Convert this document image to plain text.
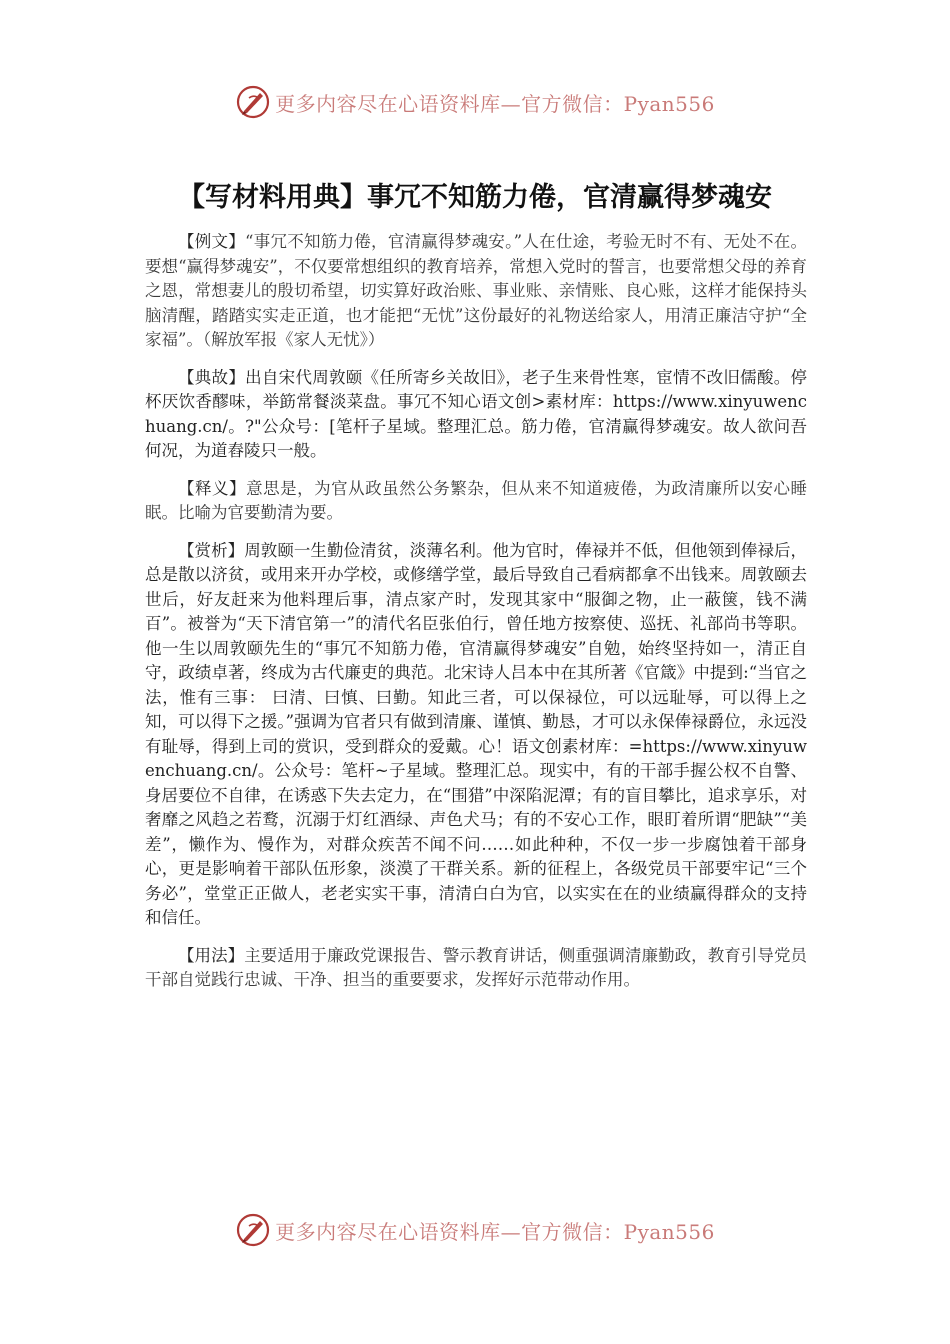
更多内容尽在心语资料库—官方微信：Pyan556
【写材料用典】事冗不知筋力倦，官清赢得梦魂安

【例文】“事冗不知筋力倦，官清赢得梦魂安。”人在仕途，考验无时不有、无处不在。要想“赢得梦魂安”，不仅要常想组织的教育培养，常想入党时的誓言，也要常想父母的养育之恩，常想妻儿的殷切希望，切实算好政治账、事业账、亲情账、良心账，这样才能保持头脑清醒，踏踏实实走正道，也才能把“无忧”这份最好的礼物送给家人，用清正廉洁守护“全家福”。（解放军报《家人无忧》）

【典故】出自宋代周敦颐《任所寄乡关故旧》，老子生来骨性寒，宦情不改旧儒酸。停杯厌饮香醪味，举筯常餐淡菜盘。事冗不知心语文创>素材库：https://www.xinyuwenchuang.cn/。?"公众号：[笔杆子星域。整理汇总。筋力倦，官清赢得梦魂安。故人欲问吾何况，为道舂陵只一般。

【释义】意思是，为官从政虽然公务繁杂，但从来不知道疲倦，为政清廉所以安心睡眠。比喻为官要勤清为要。

【赏析】周敦颐一生勤俭清贫，淡薄名利。他为官时，俸禄并不低，但他领到俸禄后，总是散以济贫，或用来开办学校，或修缮学堂，最后导致自己看病都拿不出钱来。周敦颐去世后，好友赶来为他料理后事，清点家产时，发现其家中“服御之物，止一蔽箧，钱不满百”。被誉为“天下清官第一”的清代名臣张伯行，曾任地方按察使、巡抚、礼部尚书等职。他一生以周敦颐先生的“事冗不知筋力倦，官清赢得梦魂安”自勉，始终坚持如一，清正自守，政绩卓著，终成为古代廉吏的典范。北宋诗人吕本中在其所著《官箴》中提到:“当官之法，惟有三事： 曰清、曰慎、曰勤。知此三者，可以保禄位，可以远耻辱，可以得上之知，可以得下之援。”强调为官者只有做到清廉、谨慎、勤恳，才可以永保俸禄爵位，永远没有耻辱，得到上司的赏识，受到群众的爱戴。心！语文创素材库：=https://www.xinyuwenchuang.cn/。公众号：笔杆~子星域。整理汇总。现实中，有的干部手握公权不自警、身居要位不自律，在诱惑下失去定力，在“围猎”中深陷泥潭；有的盲目攀比，追求享乐，对奢靡之风趋之若鹜，沉溺于灯红酒绿、声色犬马；有的不安心工作，眼盯着所谓“肥缺”“美差”，懒作为、慢作为，对群众疾苦不闻不问……如此种种，不仅一步一步腐蚀着干部身心，更是影响着干部队伍形象，淡漠了干群关系。新的征程上，各级党员干部要牢记“三个务必”，堂堂正正做人，老老实实干事，清清白白为官，以实实在在的业绩赢得群众的支持和信任。

【用法】主要适用于廉政党课报告、警示教育讲话，侧重强调清廉勤政，教育引导党员干部自觉践行忠诚、干净、担当的重要要求，发挥好示范带动作用。

更多内容尽在心语资料库—官方微信：Pyan556
